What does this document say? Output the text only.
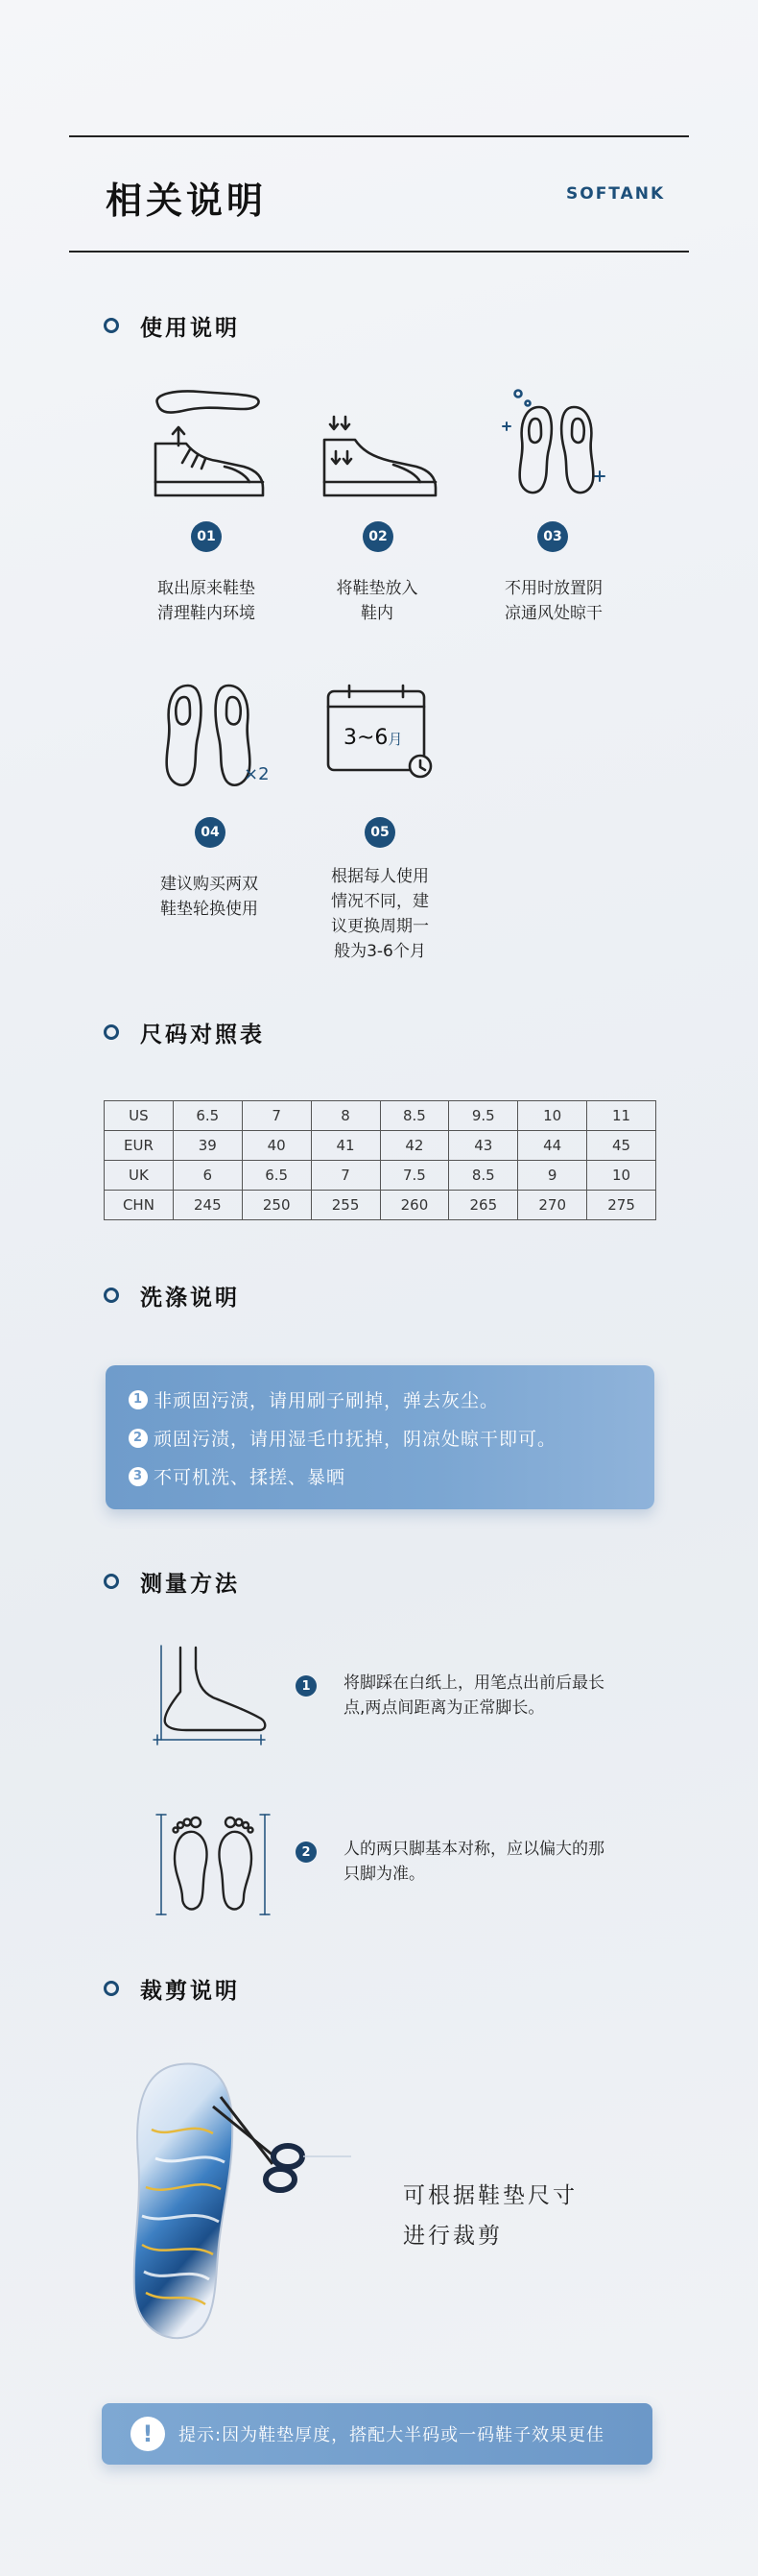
相关说明	SOFTANK
使用说明
01
取出原来鞋垫
清理鞋内环境
02
将鞋垫放入
鞋内
03
不用时放置阴
凉通风处晾干
×2
04
建议购买两双
鞋垫轮换使用
3~6月
05
根据每人使用
情况不同，建
议更换周期一
般为3-6个月
尺码对照表
US	6.5	7	8	8.5	9.5	10	11
EUR	39	40	41	42	43	44	45
UK	6	6.5	7	7.5	8.5	9	10
CHN	245	250	255	260	265	270	275
洗涤说明
1 非顽固污渍，请用刷子刷掉，弹去灰尘。
2 顽固污渍，请用湿毛巾抚掉，阴凉处晾干即可。
3 不可机洗、揉搓、暴晒
测量方法
1	将脚踩在白纸上，用笔点出前后最长点,两点间距离为正常脚长。
2	人的两只脚基本对称，应以偏大的那只脚为准。
裁剪说明
可根据鞋垫尺寸
进行裁剪
!	提示:因为鞋垫厚度，搭配大半码或一码鞋子效果更佳
